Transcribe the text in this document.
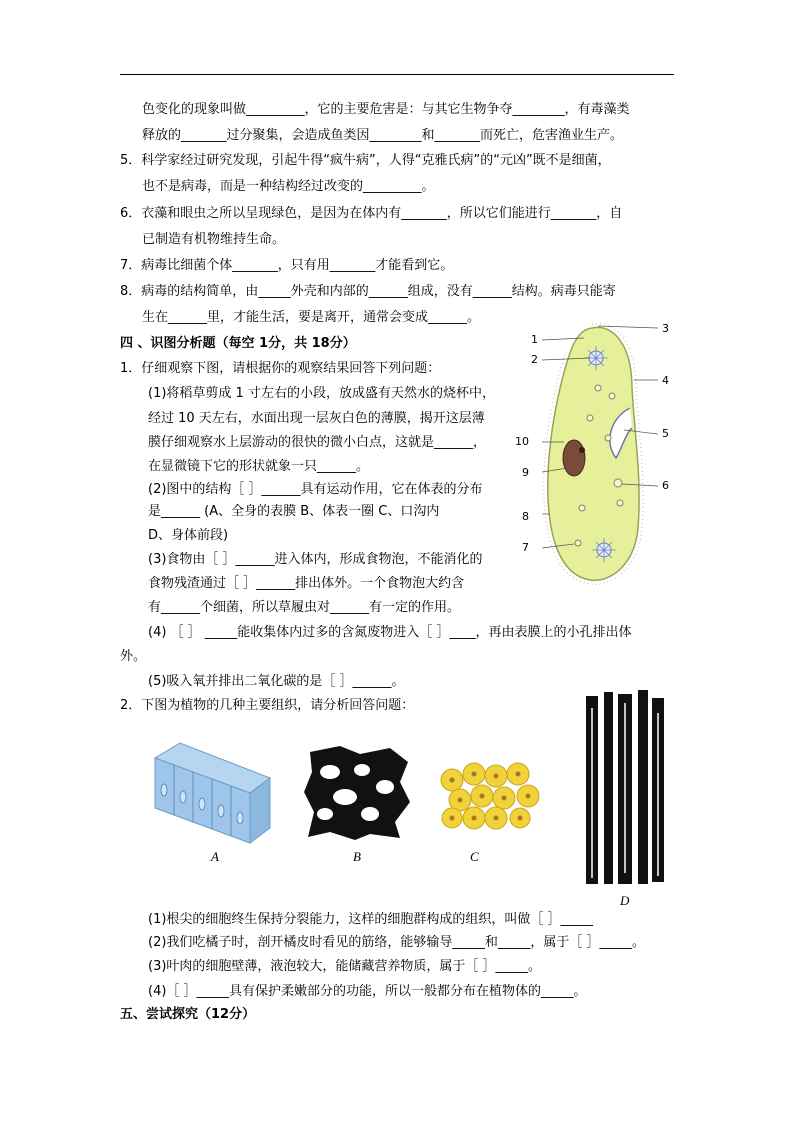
色变化的现象叫做_________，它的主要危害是：与其它生物争夺________，有毒藻类
释放的_______过分聚集，会造成鱼类因________和_______而死亡，危害渔业生产。
5．科学家经过研究发现，引起牛得“疯牛病”，人得“克雅氏病”的“元凶”既不是细菌，
也不是病毒，而是一种结构经过改变的_________。
6．衣藻和眼虫之所以呈现绿色，是因为在体内有_______，所以它们能进行_______，自
已制造有机物维持生命。
7．病毒比细菌个体_______，只有用_______才能看到它。
8．病毒的结构简单，由_____外壳和内部的______组成，没有______结构。病毒只能寄
生在______里，才能生活，要是离开，通常会变成______。
四 、识图分析题（每空 1分，共 18分）
1．仔细观察下图，请根据你的观察结果回答下列问题：
(1)将稻草剪成 1 寸左右的小段，放成盛有天然水的烧杯中，
经过 10 天左右，水面出现一层灰白色的薄膜，揭开这层薄
膜仔细观察水上层游动的很快的微小白点，这就是______，
在显微镜下它的形状就象一只______。
(2)图中的结构［ ］______具有运动作用，它在体表的分布
是______ (A、全身的表膜 B、体表一圈 C、口沟内
D、身体前段)
(3)食物由［ ］______进入体内，形成食物泡，不能消化的
食物残渣通过［ ］______排出体外。一个食物泡大约含
有______个细菌，所以草履虫对______有一定的作用。
(4) ［ ］ _____能收集体内过多的含氮废物进入［ ］____，再由表膜上的小孔排出体
外。
(5)吸入氧并排出二氧化碳的是［ ］______。
2．下图为植物的几种主要组织，请分析回答问题：
(1)根尖的细胞终生保持分裂能力，这样的细胞群构成的组织，叫做［ ］_____
(2)我们吃橘子时，剖开橘皮时看见的筋络，能够输导_____和_____，属于［ ］_____。
(3)叶肉的细胞壁薄，液泡较大，能储藏营养物质，属于［ ］_____。
(4)［ ］_____具有保护柔嫩部分的功能，所以一般都分布在植物体的_____。
五、尝试探究（12分）
1
2
3
4
5
6
7
8
9
10
A	B	C
D
